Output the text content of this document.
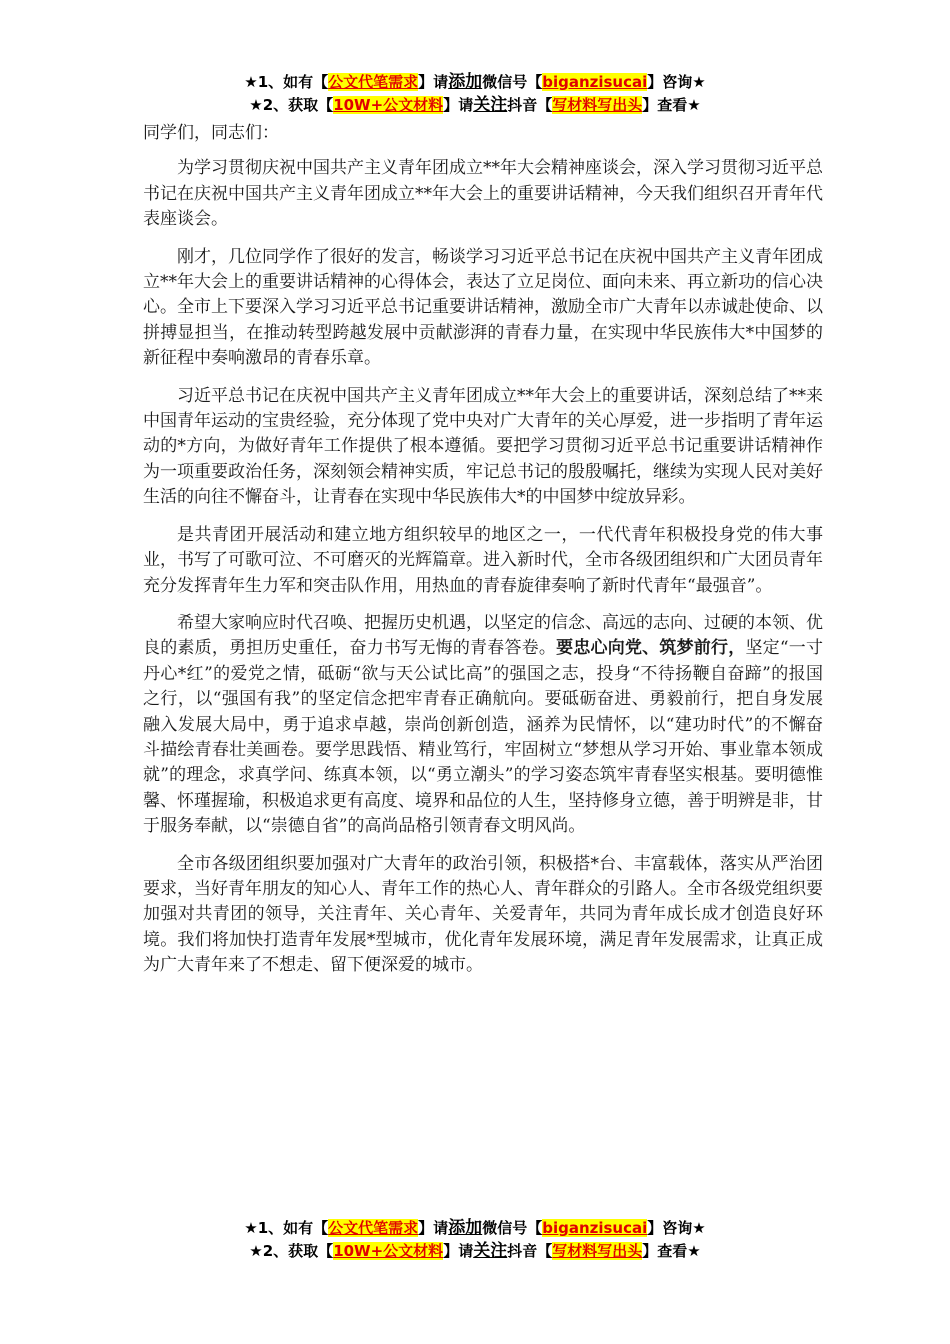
★1、如有【公文代笔需求】请添加微信号【biganzisucai】咨询★
★2、获取【10W+公文材料】请关注抖音【写材料写出头】查看★

同学们，同志们：

为学习贯彻庆祝中国共产主义青年团成立**年大会精神座谈会，深入学习贯彻习近平总书记在庆祝中国共产主义青年团成立**年大会上的重要讲话精神，今天我们组织召开青年代表座谈会。

刚才，几位同学作了很好的发言，畅谈学习习近平总书记在庆祝中国共产主义青年团成立**年大会上的重要讲话精神的心得体会，表达了立足岗位、面向未来、再立新功的信心决心。全市上下要深入学习习近平总书记重要讲话精神，激励全市广大青年以赤诚赴使命、以拼搏显担当，在推动转型跨越发展中贡献澎湃的青春力量，在实现中华民族伟大*中国梦的新征程中奏响激昂的青春乐章。

习近平总书记在庆祝中国共产主义青年团成立**年大会上的重要讲话，深刻总结了**来中国青年运动的宝贵经验，充分体现了党中央对广大青年的关心厚爱，进一步指明了青年运动的*方向，为做好青年工作提供了根本遵循。要把学习贯彻习近平总书记重要讲话精神作为一项重要政治任务，深刻领会精神实质，牢记总书记的殷殷嘱托，继续为实现人民对美好生活的向往不懈奋斗，让青春在实现中华民族伟大*的中国梦中绽放异彩。

是共青团开展活动和建立地方组织较早的地区之一，一代代青年积极投身党的伟大事业，书写了可歌可泣、不可磨灭的光辉篇章。进入新时代，全市各级团组织和广大团员青年充分发挥青年生力军和突击队作用，用热血的青春旋律奏响了新时代青年“最强音”。

希望大家响应时代召唤、把握历史机遇，以坚定的信念、高远的志向、过硬的本领、优良的素质，勇担历史重任，奋力书写无悔的青春答卷。要忠心向党、筑梦前行，坚定“一寸丹心*红”的爱党之情，砥砺“欲与天公试比高”的强国之志，投身“不待扬鞭自奋蹄”的报国之行，以“强国有我”的坚定信念把牢青春正确航向。要砥砺奋进、勇毅前行，把自身发展融入发展大局中，勇于追求卓越，崇尚创新创造，涵养为民情怀，以“建功时代”的不懈奋斗描绘青春壮美画卷。要学思践悟、精业笃行，牢固树立“梦想从学习开始、事业靠本领成就”的理念，求真学问、练真本领，以“勇立潮头”的学习姿态筑牢青春坚实根基。要明德惟馨、怀瑾握瑜，积极追求更有高度、境界和品位的人生，坚持修身立德，善于明辨是非，甘于服务奉献，以“崇德自省”的高尚品格引领青春文明风尚。

全市各级团组织要加强对广大青年的政治引领，积极搭*台、丰富载体，落实从严治团要求，当好青年朋友的知心人、青年工作的热心人、青年群众的引路人。全市各级党组织要加强对共青团的领导，关注青年、关心青年、关爱青年，共同为青年成长成才创造良好环境。我们将加快打造青年发展*型城市，优化青年发展环境，满足青年发展需求，让真正成为广大青年来了不想走、留下便深爱的城市。

★1、如有【公文代笔需求】请添加微信号【biganzisucai】咨询★
★2、获取【10W+公文材料】请关注抖音【写材料写出头】查看★
